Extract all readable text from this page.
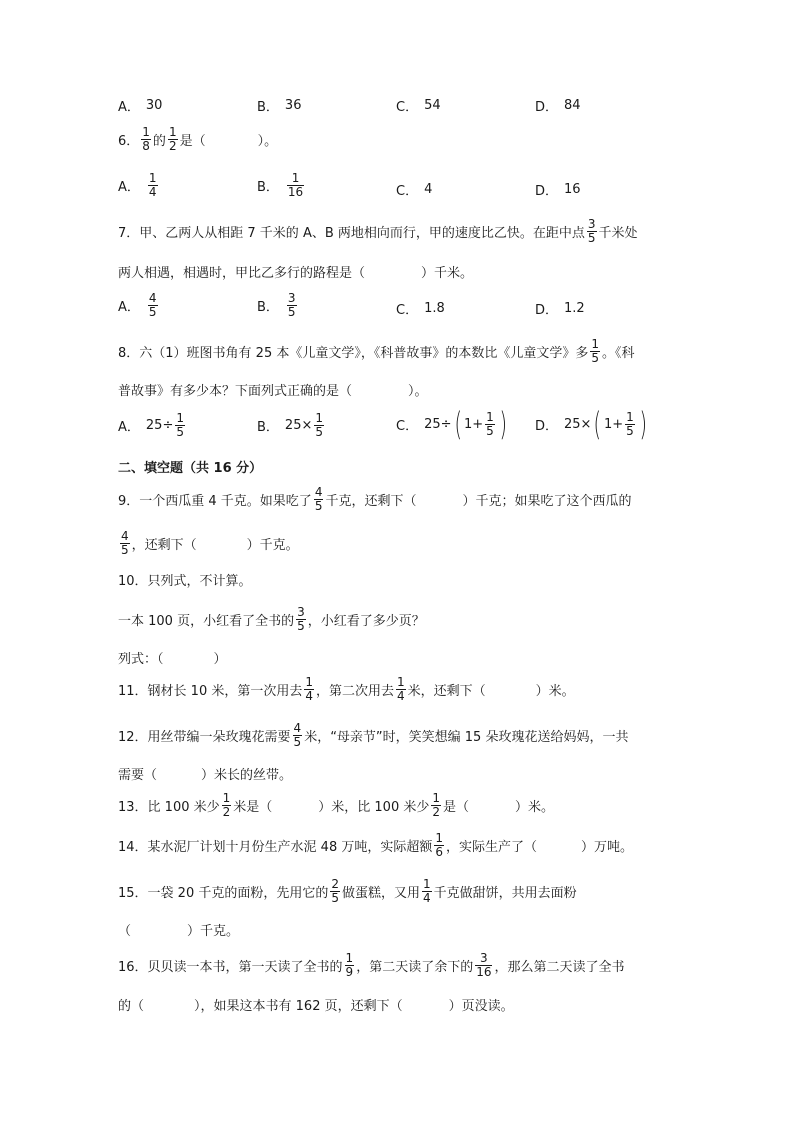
A． 30	B． 36	C． 54	D． 84
6． $\frac{1}{8}$ 的 $\frac{1}{2}$ 是（	）。
A． $\frac{1}{4}$	B． $\frac{1}{16}$	C． 4	D． 16
7．甲、乙两人从相距 7 千米的 A、B 两地相向而行，甲的速度比乙快。在距中点 $\frac{3}{5}$ 千米处
两人相遇，相遇时，甲比乙多行的路程是（	）千米。
A． $\frac{4}{5}$	B． $\frac{3}{5}$	C． 1.8	D． 1.2
8．六（1）班图书角有 25 本《儿童文学》，《科普故事》的本数比《儿童文学》多 $\frac{1}{5}$ 。《科
普故事》有多少本？下面列式正确的是（	）。
A． $25\div \frac{1}{5}$	B． $25\times \frac{1}{5}$	C． 25÷ ( $1+ \frac{1}{5}$ ) D． 25× ( $1+ \frac{1}{5}$ )
二、填空题（共 16 分）
9．一个西瓜重 4 千克。如果吃了 $\frac{4}{5}$ 千克，还剩下（	）千克；如果吃了这个西瓜的
$\frac{4}{5}$ ，还剩下（	）千克。
10．只列式，不计算。
一本 100 页，小红看了全书的 $\frac{3}{5}$ ，小红看了多少页？
列式：（	）
11．钢材长 10 米，第一次用去 $\frac{1}{4}$ ，第二次用去 $\frac{1}{4}$ 米，还剩下（	）米。
12．用丝带编一朵玫瑰花需要 $\frac{4}{5}$ 米，“母亲节”时，笑笑想编 15 朵玫瑰花送给妈妈，一共
需要（	）米长的丝带。
13．比 100 米少 $\frac{1}{2}$ 米是（	）米，比 100 米少 $\frac{1}{2}$ 是（	）米。
14．某水泥厂计划十月份生产水泥 48 万吨，实际超额 $\frac{1}{6}$ ，实际生产了（	）万吨。
15．一袋 20 千克的面粉，先用它的 $\frac{2}{5}$ 做蛋糕，又用 $\frac{1}{4}$ 千克做甜饼，共用去面粉
（	）千克。
16．贝贝读一本书，第一天读了全书的 $\frac{1}{9}$ ，第二天读了余下的 $\frac{3}{16}$ ，那么第二天读了全书
的（	），如果这本书有 162 页，还剩下（	）页没读。
